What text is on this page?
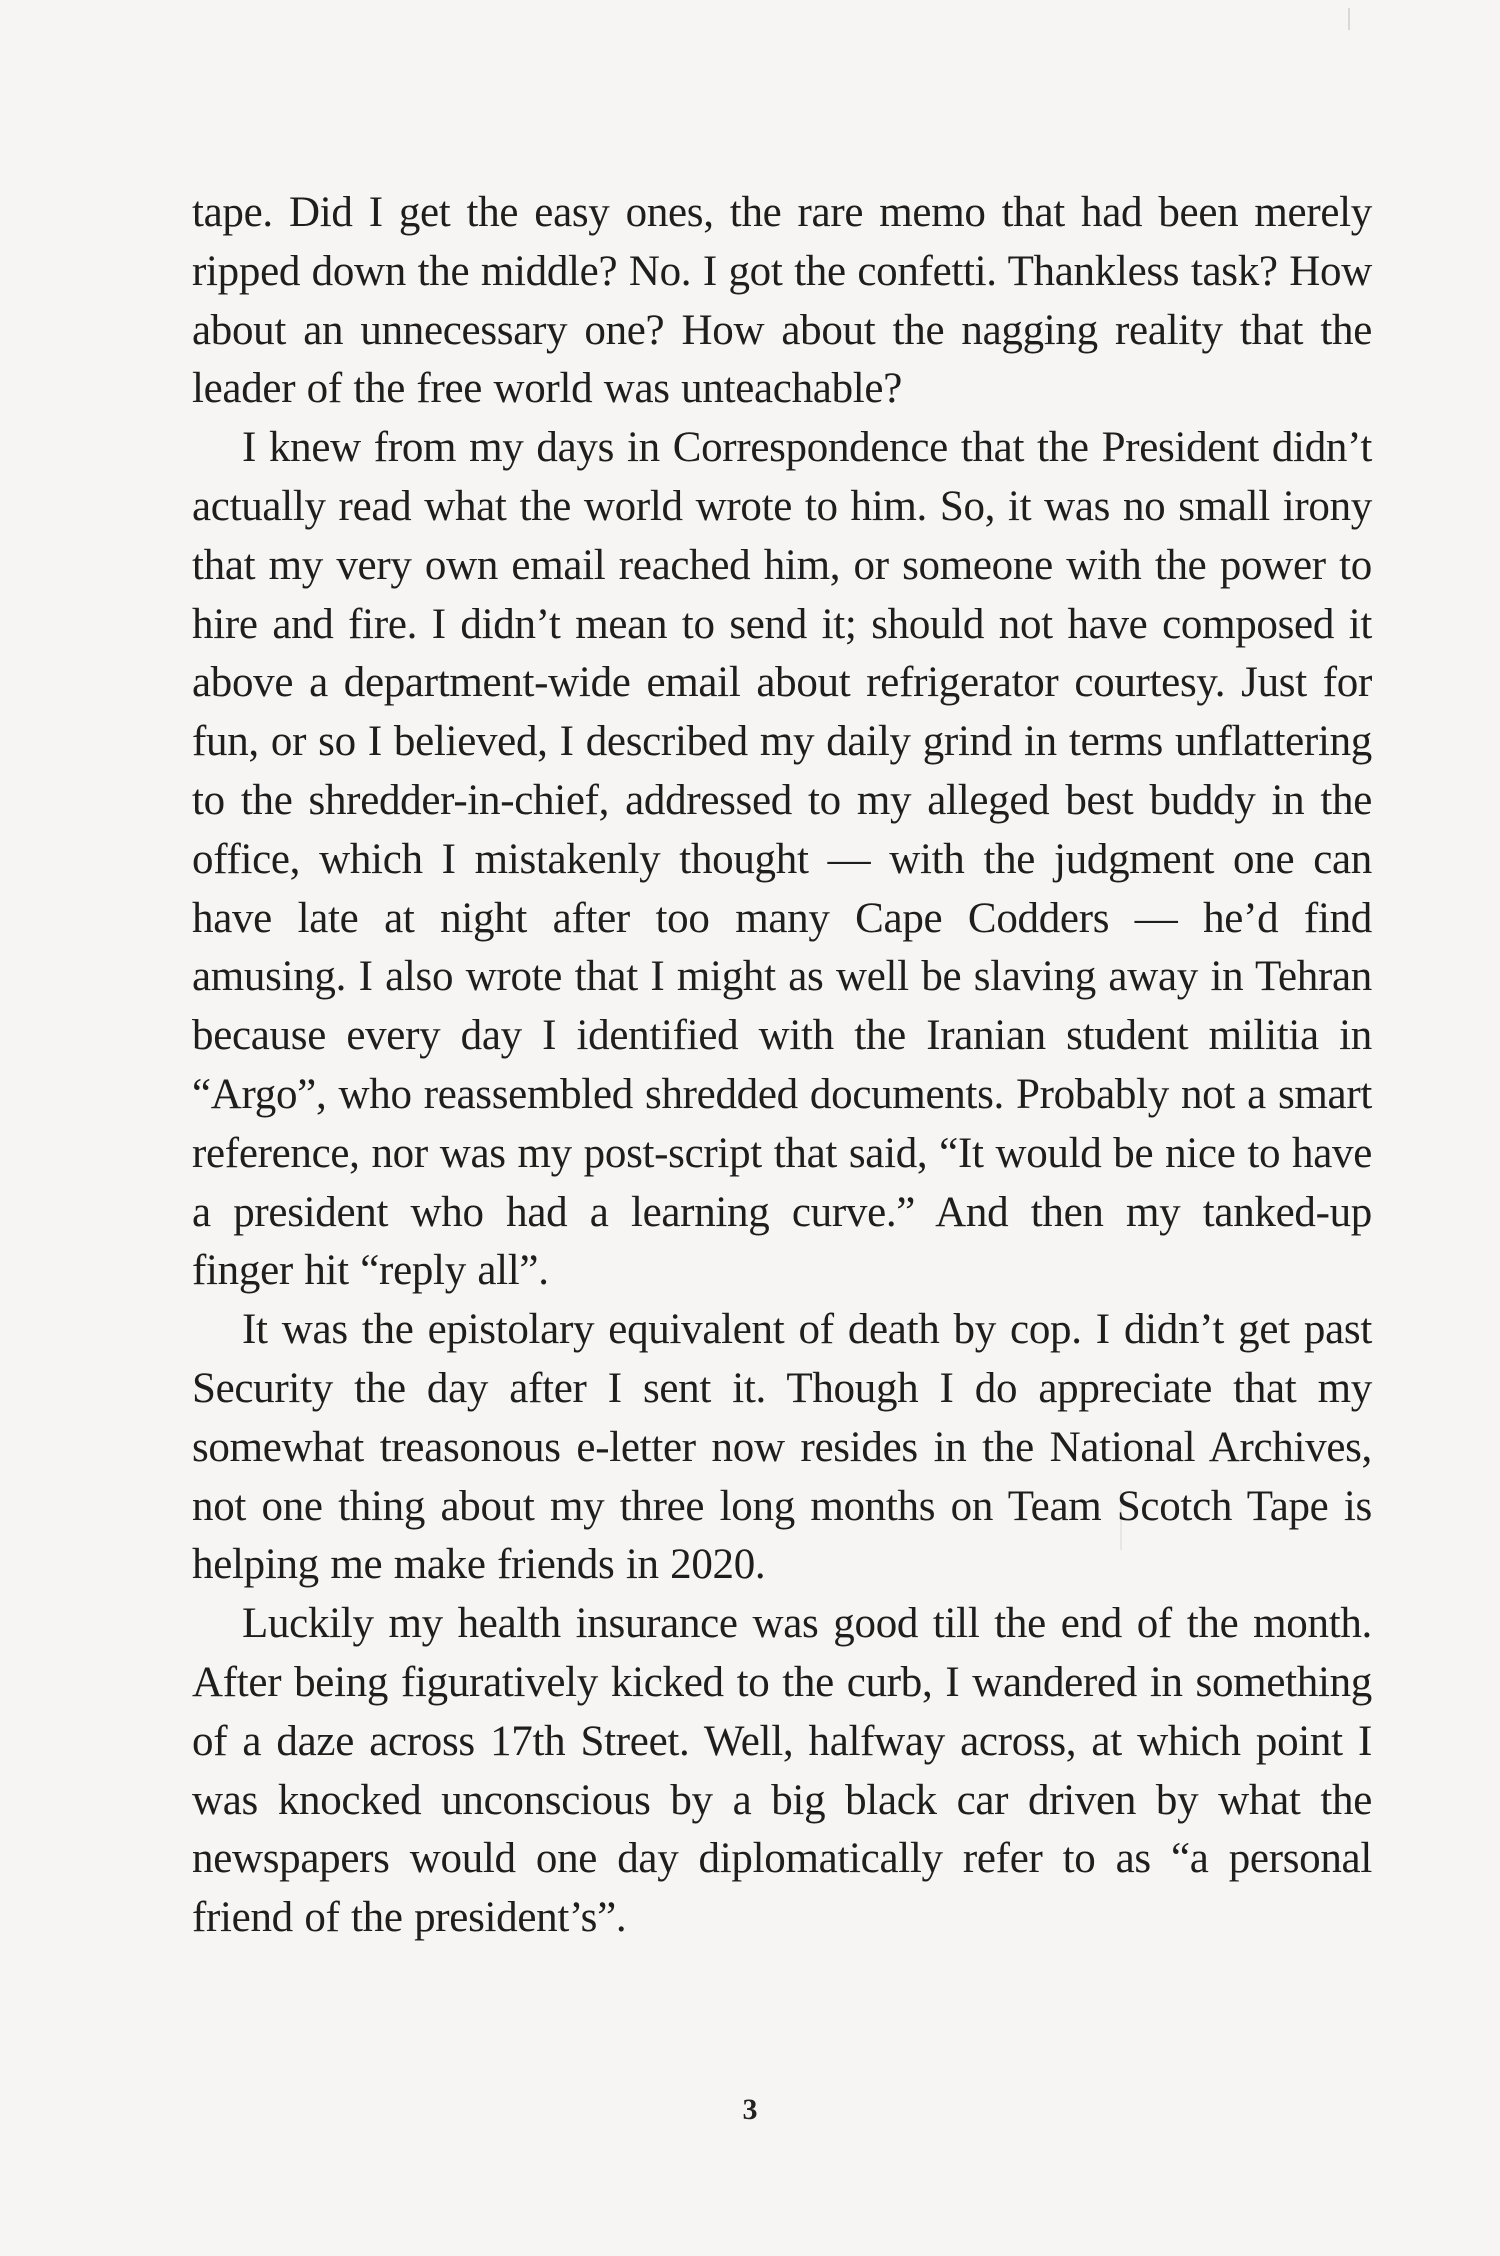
tape. Did I get the easy ones, the rare memo that had been merely ripped down the middle? No. I got the confetti. Thankless task? How about an unnecessary one? How about the nagging reality that the leader of the free world was unteachable?

I knew from my days in Correspondence that the President didn’t actually read what the world wrote to him. So, it was no small irony that my very own email reached him, or someone with the power to hire and fire. I didn’t mean to send it; should not have composed it above a department-wide email about refrigerator courtesy. Just for fun, or so I believed, I described my daily grind in terms unflattering to the shredder-in-chief, addressed to my alleged best buddy in the office, which I mistakenly thought — with the judgment one can have late at night after too many Cape Codders — he’d find amusing. I also wrote that I might as well be slaving away in Tehran because every day I identified with the Iranian student militia in “Argo”, who reassembled shredded documents. Probably not a smart reference, nor was my post-script that said, “It would be nice to have a president who had a learning curve.” And then my tanked-up finger hit “reply all”.

It was the epistolary equivalent of death by cop. I didn’t get past Security the day after I sent it. Though I do appreciate that my somewhat treasonous e-letter now resides in the National Archives, not one thing about my three long months on Team Scotch Tape is helping me make friends in 2020.

Luckily my health insurance was good till the end of the month. After being figuratively kicked to the curb, I wandered in something of a daze across 17th Street. Well, halfway across, at which point I was knocked unconscious by a big black car driven by what the newspapers would one day diplomatically refer to as “a personal friend of the president’s”.

3
